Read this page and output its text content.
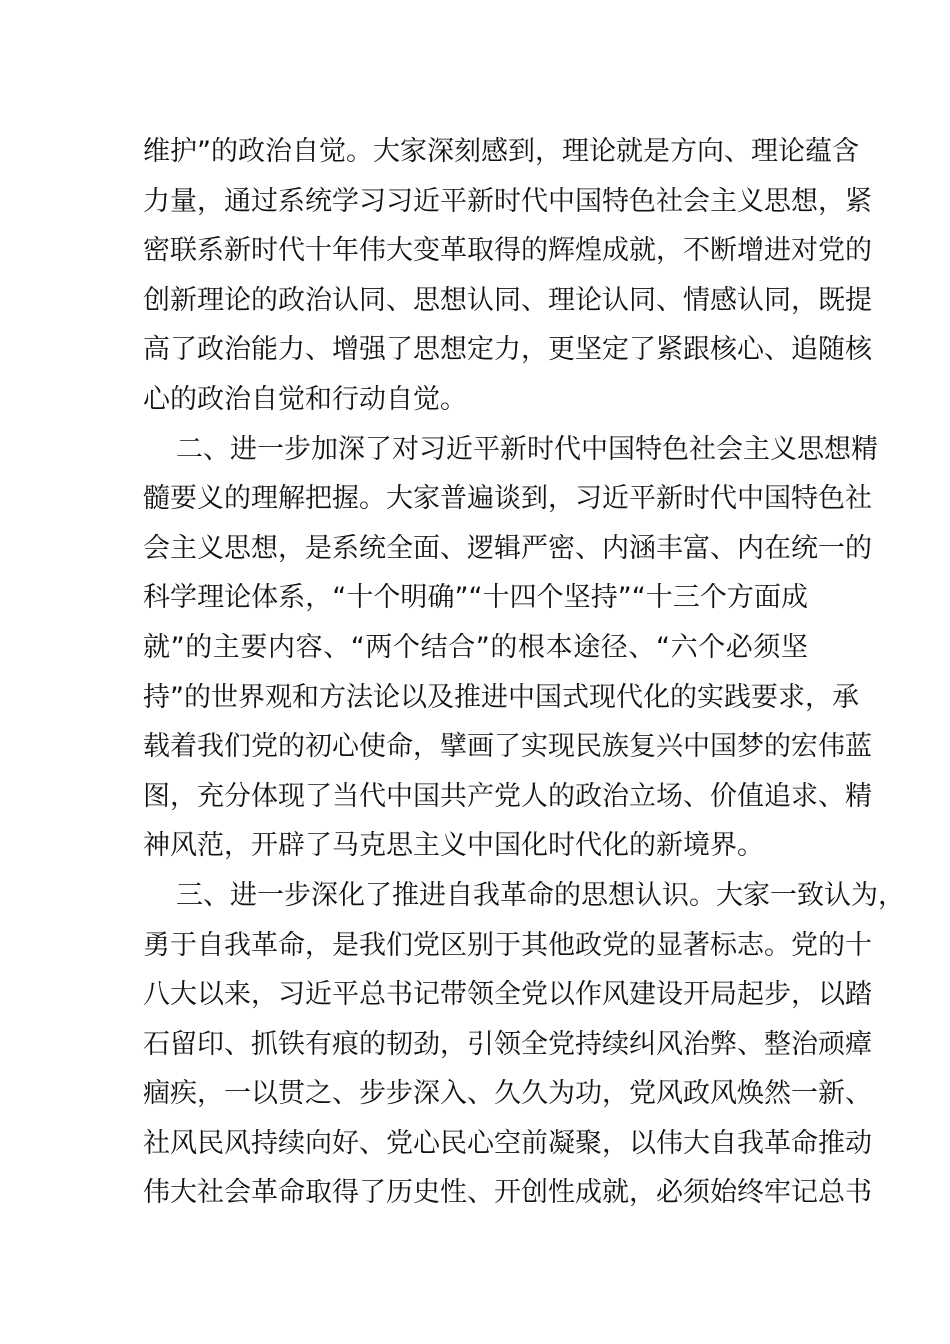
维护”的政治自觉。大家深刻感到，理论就是方向、理论蕴含
力量，通过系统学习习近平新时代中国特色社会主义思想，紧
密联系新时代十年伟大变革取得的辉煌成就，不断增进对党的
创新理论的政治认同、思想认同、理论认同、情感认同，既提
高了政治能力、增强了思想定力，更坚定了紧跟核心、追随核
心的政治自觉和行动自觉。
二、进一步加深了对习近平新时代中国特色社会主义思想精
髓要义的理解把握。大家普遍谈到，习近平新时代中国特色社
会主义思想，是系统全面、逻辑严密、内涵丰富、内在统一的
科学理论体系，“十个明确”“十四个坚持”“十三个方面成
就”的主要内容、“两个结合”的根本途径、“六个必须坚
持”的世界观和方法论以及推进中国式现代化的实践要求，承
载着我们党的初心使命，擘画了实现民族复兴中国梦的宏伟蓝
图，充分体现了当代中国共产党人的政治立场、价值追求、精
神风范，开辟了马克思主义中国化时代化的新境界。
三、进一步深化了推进自我革命的思想认识。大家一致认为，
勇于自我革命，是我们党区别于其他政党的显著标志。党的十
八大以来，习近平总书记带领全党以作风建设开局起步，以踏
石留印、抓铁有痕的韧劲，引领全党持续纠风治弊、整治顽瘴
痼疾，一以贯之、步步深入、久久为功，党风政风焕然一新、
社风民风持续向好、党心民心空前凝聚，以伟大自我革命推动
伟大社会革命取得了历史性、开创性成就，必须始终牢记总书
